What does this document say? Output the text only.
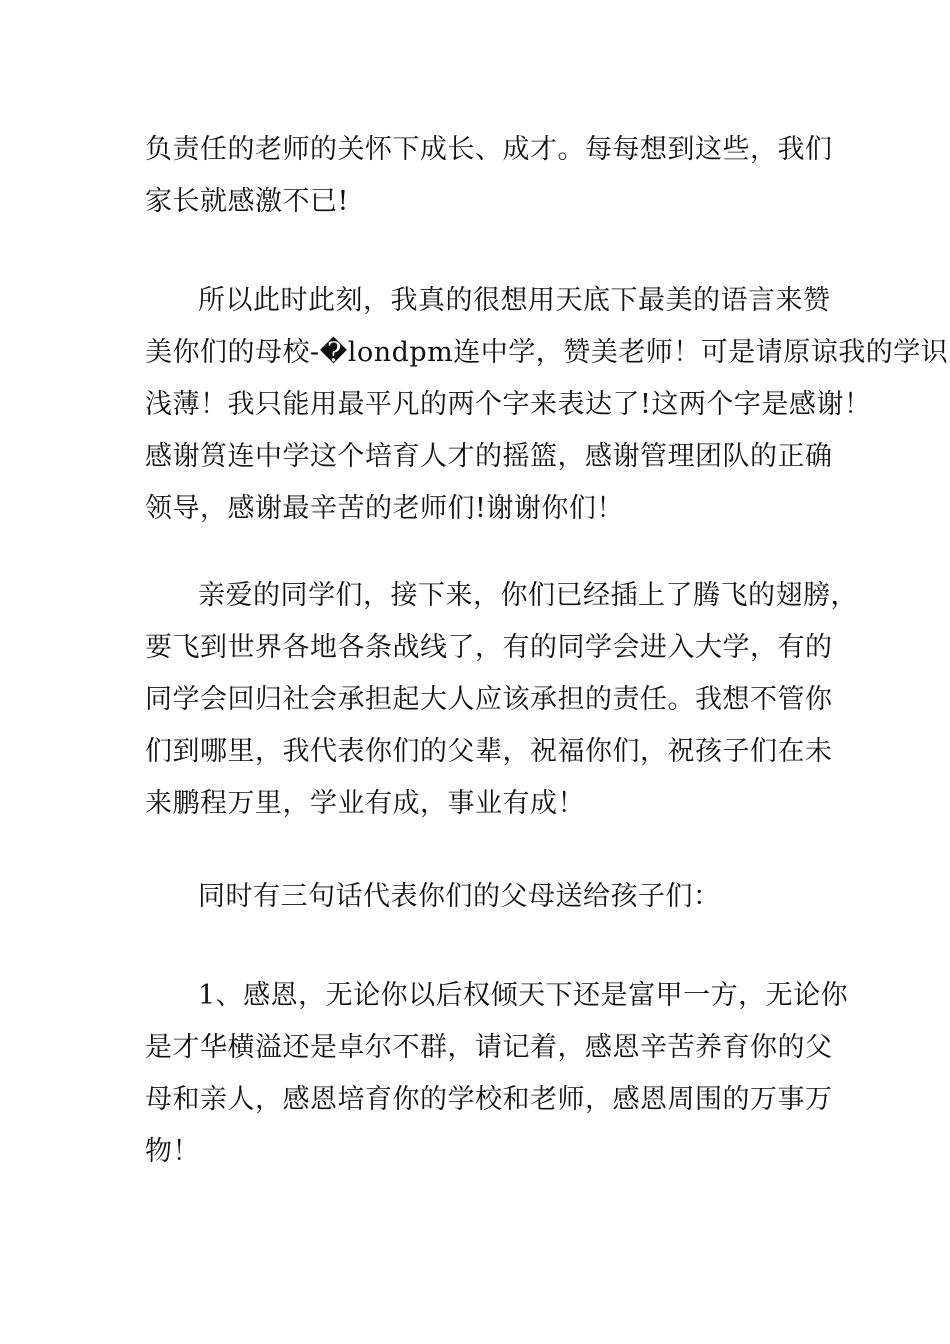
负责任的老师的关怀下成长、成才。每每想到这些，我们
家长就感激不已!
所以此时此刻，我真的很想用天底下最美的语言来赞
美你们的母校-�londpm连中学，赞美老师！可是请原谅我的学识
浅薄！我只能用最平凡的两个字来表达了!这两个字是感谢！
感谢筼连中学这个培育人才的摇篮，感谢管理团队的正确
领导，感谢最辛苦的老师们!谢谢你们！
亲爱的同学们，接下来，你们已经插上了腾飞的翅膀，
要飞到世界各地各条战线了，有的同学会进入大学，有的
同学会回归社会承担起大人应该承担的责任。我想不管你
们到哪里，我代表你们的父辈，祝福你们，祝孩子们在未
来鹏程万里，学业有成，事业有成！
同时有三句话代表你们的父母送给孩子们：
1、感恩，无论你以后权倾天下还是富甲一方，无论你
是才华横溢还是卓尔不群，请记着，感恩辛苦养育你的父
母和亲人，感恩培育你的学校和老师，感恩周围的万事万
物！
